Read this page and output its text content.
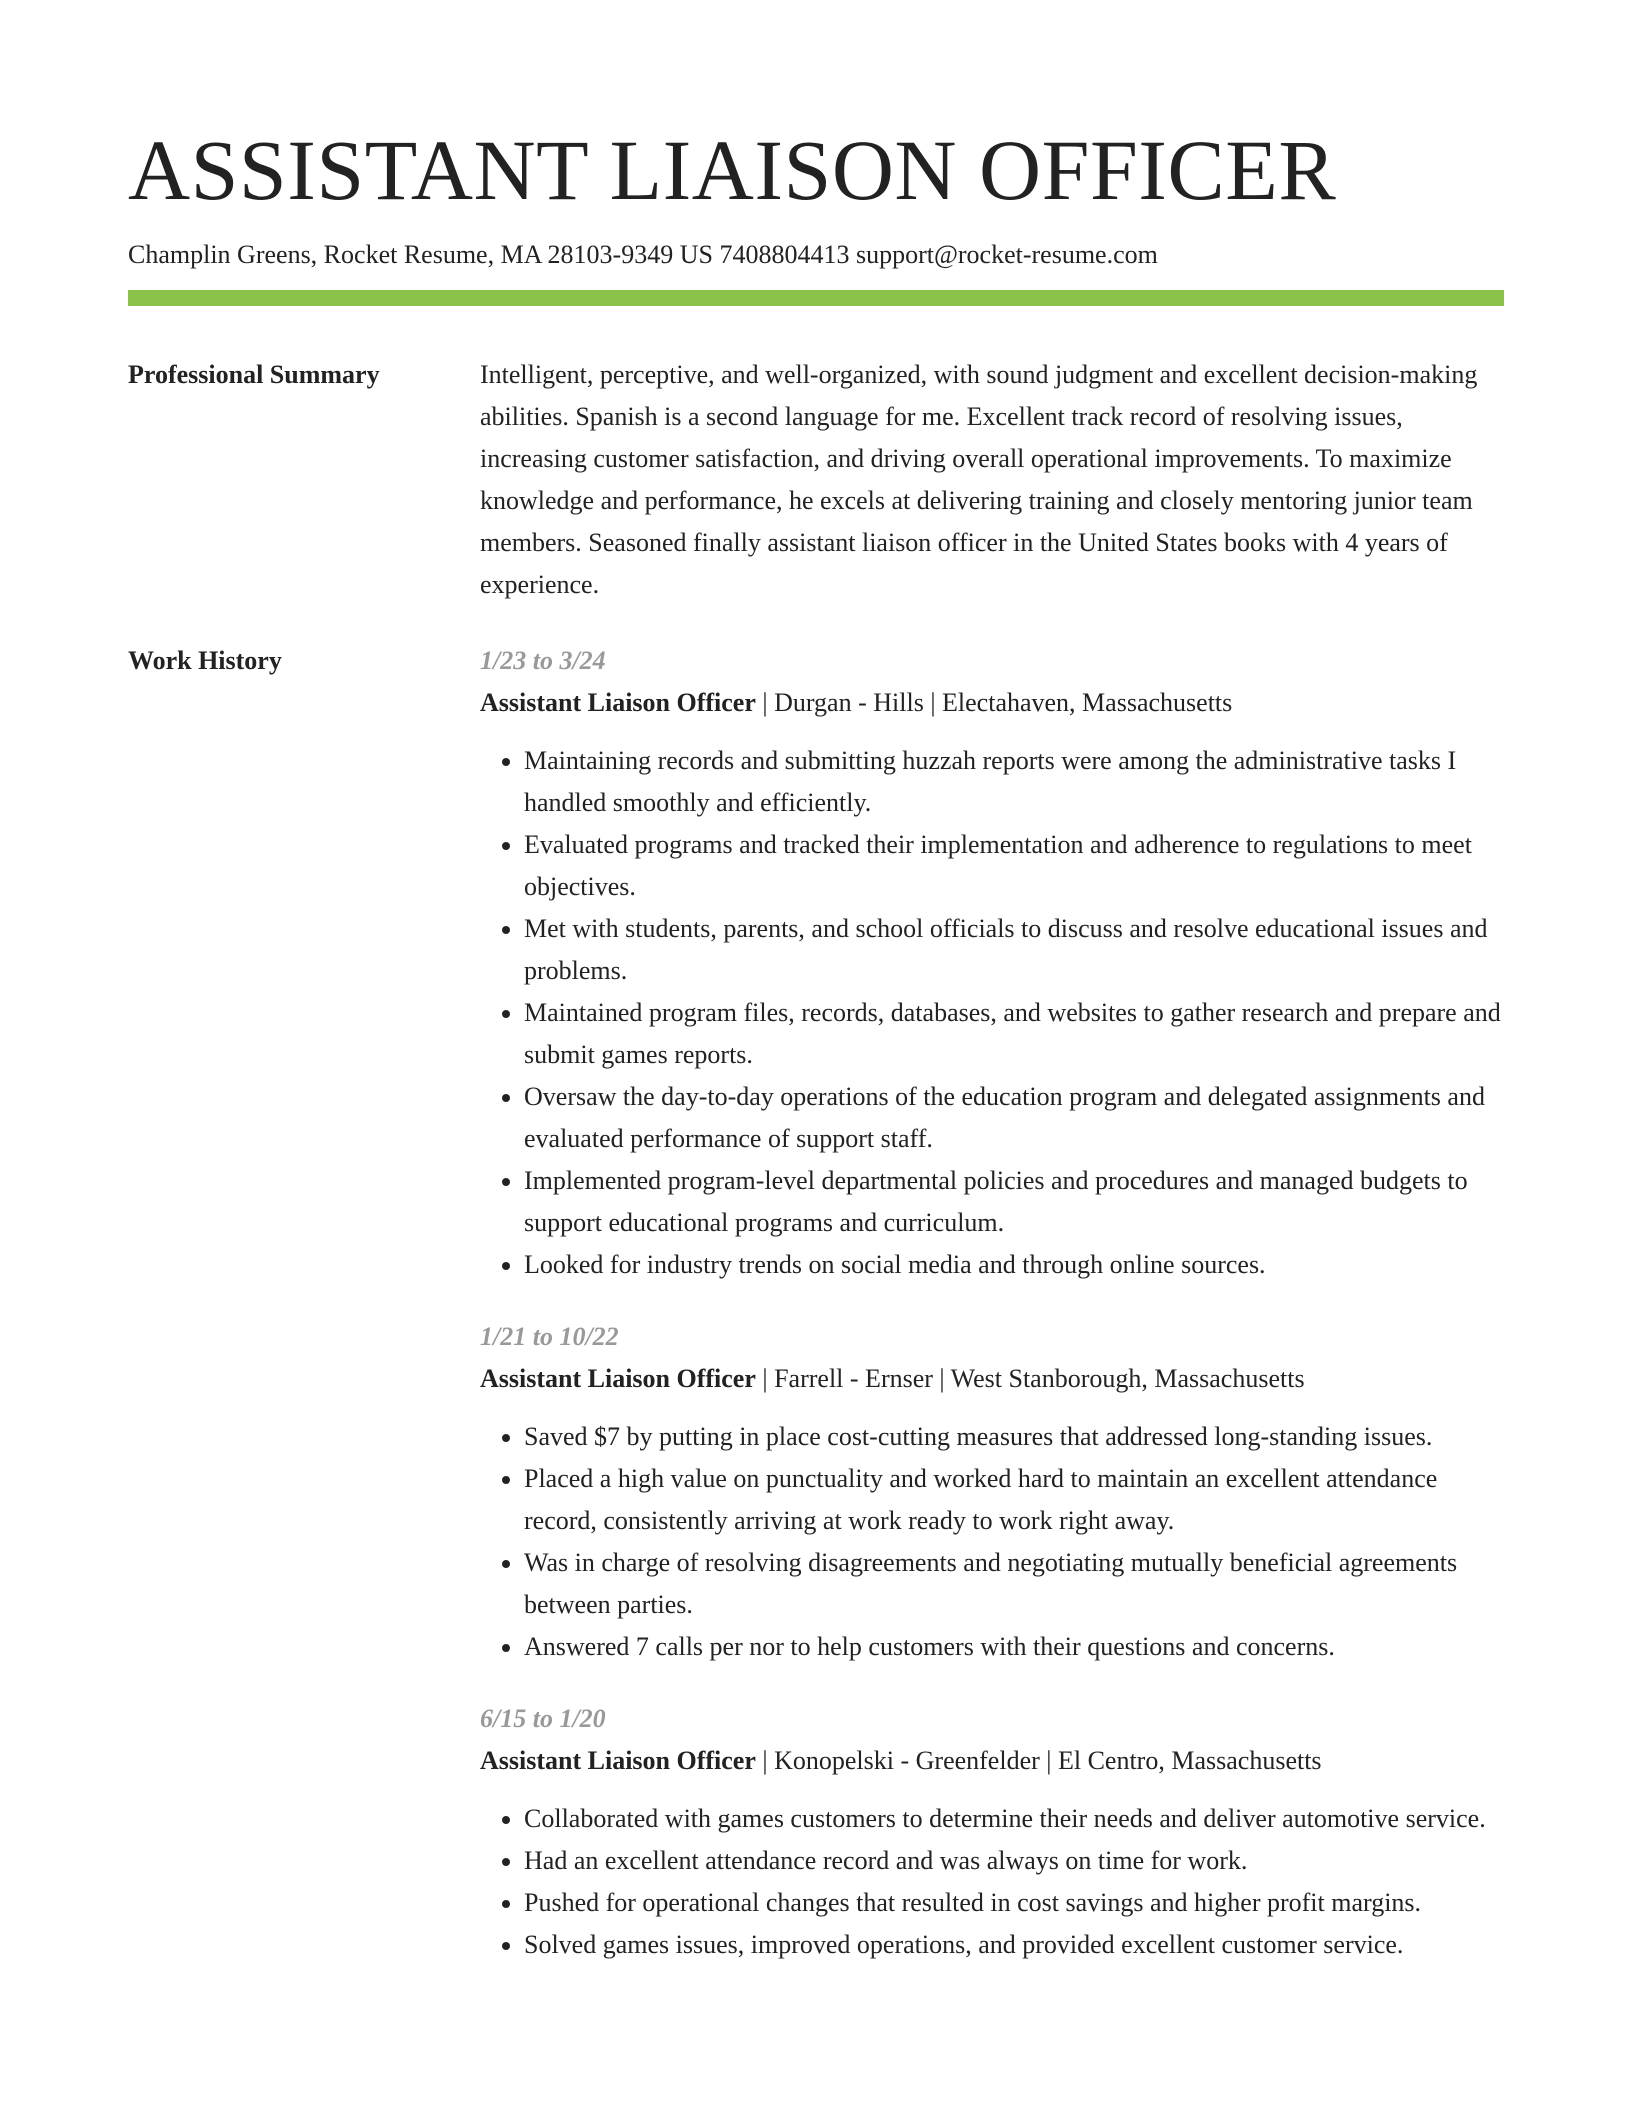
ASSISTANT LIAISON OFFICER
Champlin Greens, Rocket Resume, MA 28103-9349 US 7408804413 support@rocket-resume.com
Professional Summary	Intelligent, perceptive, and well-organized, with sound judgment and excellent decision-making abilities. Spanish is a second language for me. Excellent track record of resolving issues, increasing customer satisfaction, and driving overall operational improvements. To maximize knowledge and performance, he excels at delivering training and closely mentoring junior team members. Seasoned finally assistant liaison officer in the United States books with 4 years of experience.

Work History	1/23 to 3/24
Assistant Liaison Officer | Durgan - Hills | Electahaven, Massachusetts
• Maintaining records and submitting huzzah reports were among the administrative tasks I handled smoothly and efficiently.
• Evaluated programs and tracked their implementation and adherence to regulations to meet objectives.
• Met with students, parents, and school officials to discuss and resolve educational issues and problems.
• Maintained program files, records, databases, and websites to gather research and prepare and submit games reports.
• Oversaw the day-to-day operations of the education program and delegated assignments and evaluated performance of support staff.
• Implemented program-level departmental policies and procedures and managed budgets to support educational programs and curriculum.
• Looked for industry trends on social media and through online sources.
1/21 to 10/22
Assistant Liaison Officer | Farrell - Ernser | West Stanborough, Massachusetts
• Saved $7 by putting in place cost-cutting measures that addressed long-standing issues.
• Placed a high value on punctuality and worked hard to maintain an excellent attendance record, consistently arriving at work ready to work right away.
• Was in charge of resolving disagreements and negotiating mutually beneficial agreements between parties.
• Answered 7 calls per nor to help customers with their questions and concerns.
6/15 to 1/20
Assistant Liaison Officer | Konopelski - Greenfelder | El Centro, Massachusetts
• Collaborated with games customers to determine their needs and deliver automotive service.
• Had an excellent attendance record and was always on time for work.
• Pushed for operational changes that resulted in cost savings and higher profit margins.
• Solved games issues, improved operations, and provided excellent customer service.
